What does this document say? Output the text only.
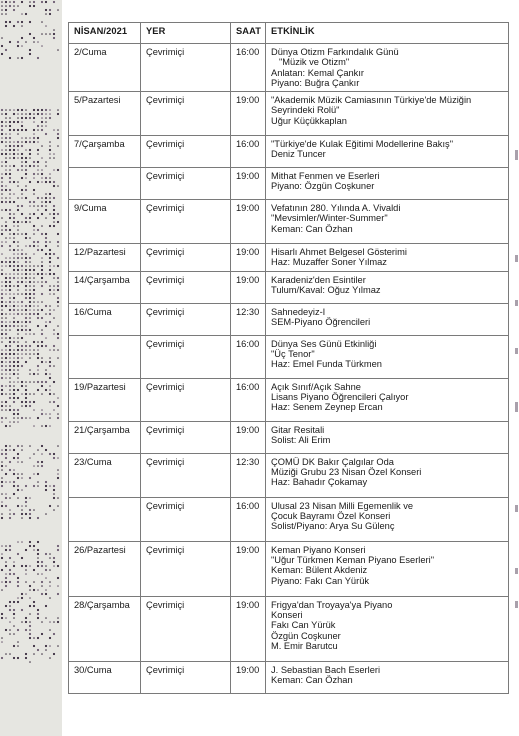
NİSAN/2021	YER	SAAT	ETKİNLİK
2/Cuma	Çevrimiçi	16:00	Dünya Otizm Farkındalık Günü
"Müzik ve Otizm"
Anlatan: Kemal Çankır
Piyano: Buğra Çankır

5/Pazartesi	Çevrimiçi	19:00	"Akademik Müzik Camiasının Türkiye'de Müziğin
Seyrindeki Rolü"
Uğur Küçükkaplan

7/Çarşamba	Çevrimiçi	16:00	"Türkiye'de Kulak Eğitimi Modellerine Bakış"
Deniz Tuncer

	Çevrimiçi	19:00	Mithat Fenmen ve Eserleri
Piyano: Özgün Coşkuner

9/Cuma	Çevrimiçi	19:00	Vefatının 280. Yılında A. Vivaldi
"Mevsimler/Winter-Summer"
Keman: Can Özhan

12/Pazartesi	Çevrimiçi	19:00	Hisarlı Ahmet Belgesel Gösterimi
Haz: Muzaffer Soner Yılmaz

14/Çarşamba	Çevrimiçi	19:00	Karadeniz'den Esintiler
Tulum/Kaval: Oğuz Yılmaz

16/Cuma	Çevrimiçi	12:30	Sahnedeyiz-I
SEM-Piyano Öğrencileri

	Çevrimiçi	16:00	Dünya Ses Günü Etkinliği
"Üç Tenor"
Haz: Emel Funda Türkmen

19/Pazartesi	Çevrimiçi	16:00	Açık Sınıf/Açık Sahne
Lisans Piyano Öğrencileri Çalıyor
Haz: Senem Zeynep Ercan

21/Çarşamba	Çevrimiçi	19:00	Gitar Resitali
Solist: Ali Erim

23/Cuma	Çevrimiçi	12:30	ÇOMÜ DK Bakır Çalgılar Oda
Müziği Grubu 23 Nisan Özel Konseri
Haz: Bahadır Çokamay

	Çevrimiçi	16:00	Ulusal 23 Nisan Milli Egemenlik ve
Çocuk Bayramı Özel Konseri
Solist/Piyano: Arya Su Gülenç

26/Pazartesi	Çevrimiçi	19:00	Keman Piyano Konseri
"Uğur Türkmen Keman Piyano Eserleri"
Keman: Bülent Akdeniz
Piyano: Fakı Can Yürük

28/Çarşamba	Çevrimiçi	19:00	Frigya'dan Troyaya'ya Piyano
Konseri
Fakı Can Yürük
Özgün Coşkuner
M. Emir Barutcu

30/Cuma	Çevrimiçi	19:00	J. Sebastian Bach Eserleri
Keman: Can Özhan
